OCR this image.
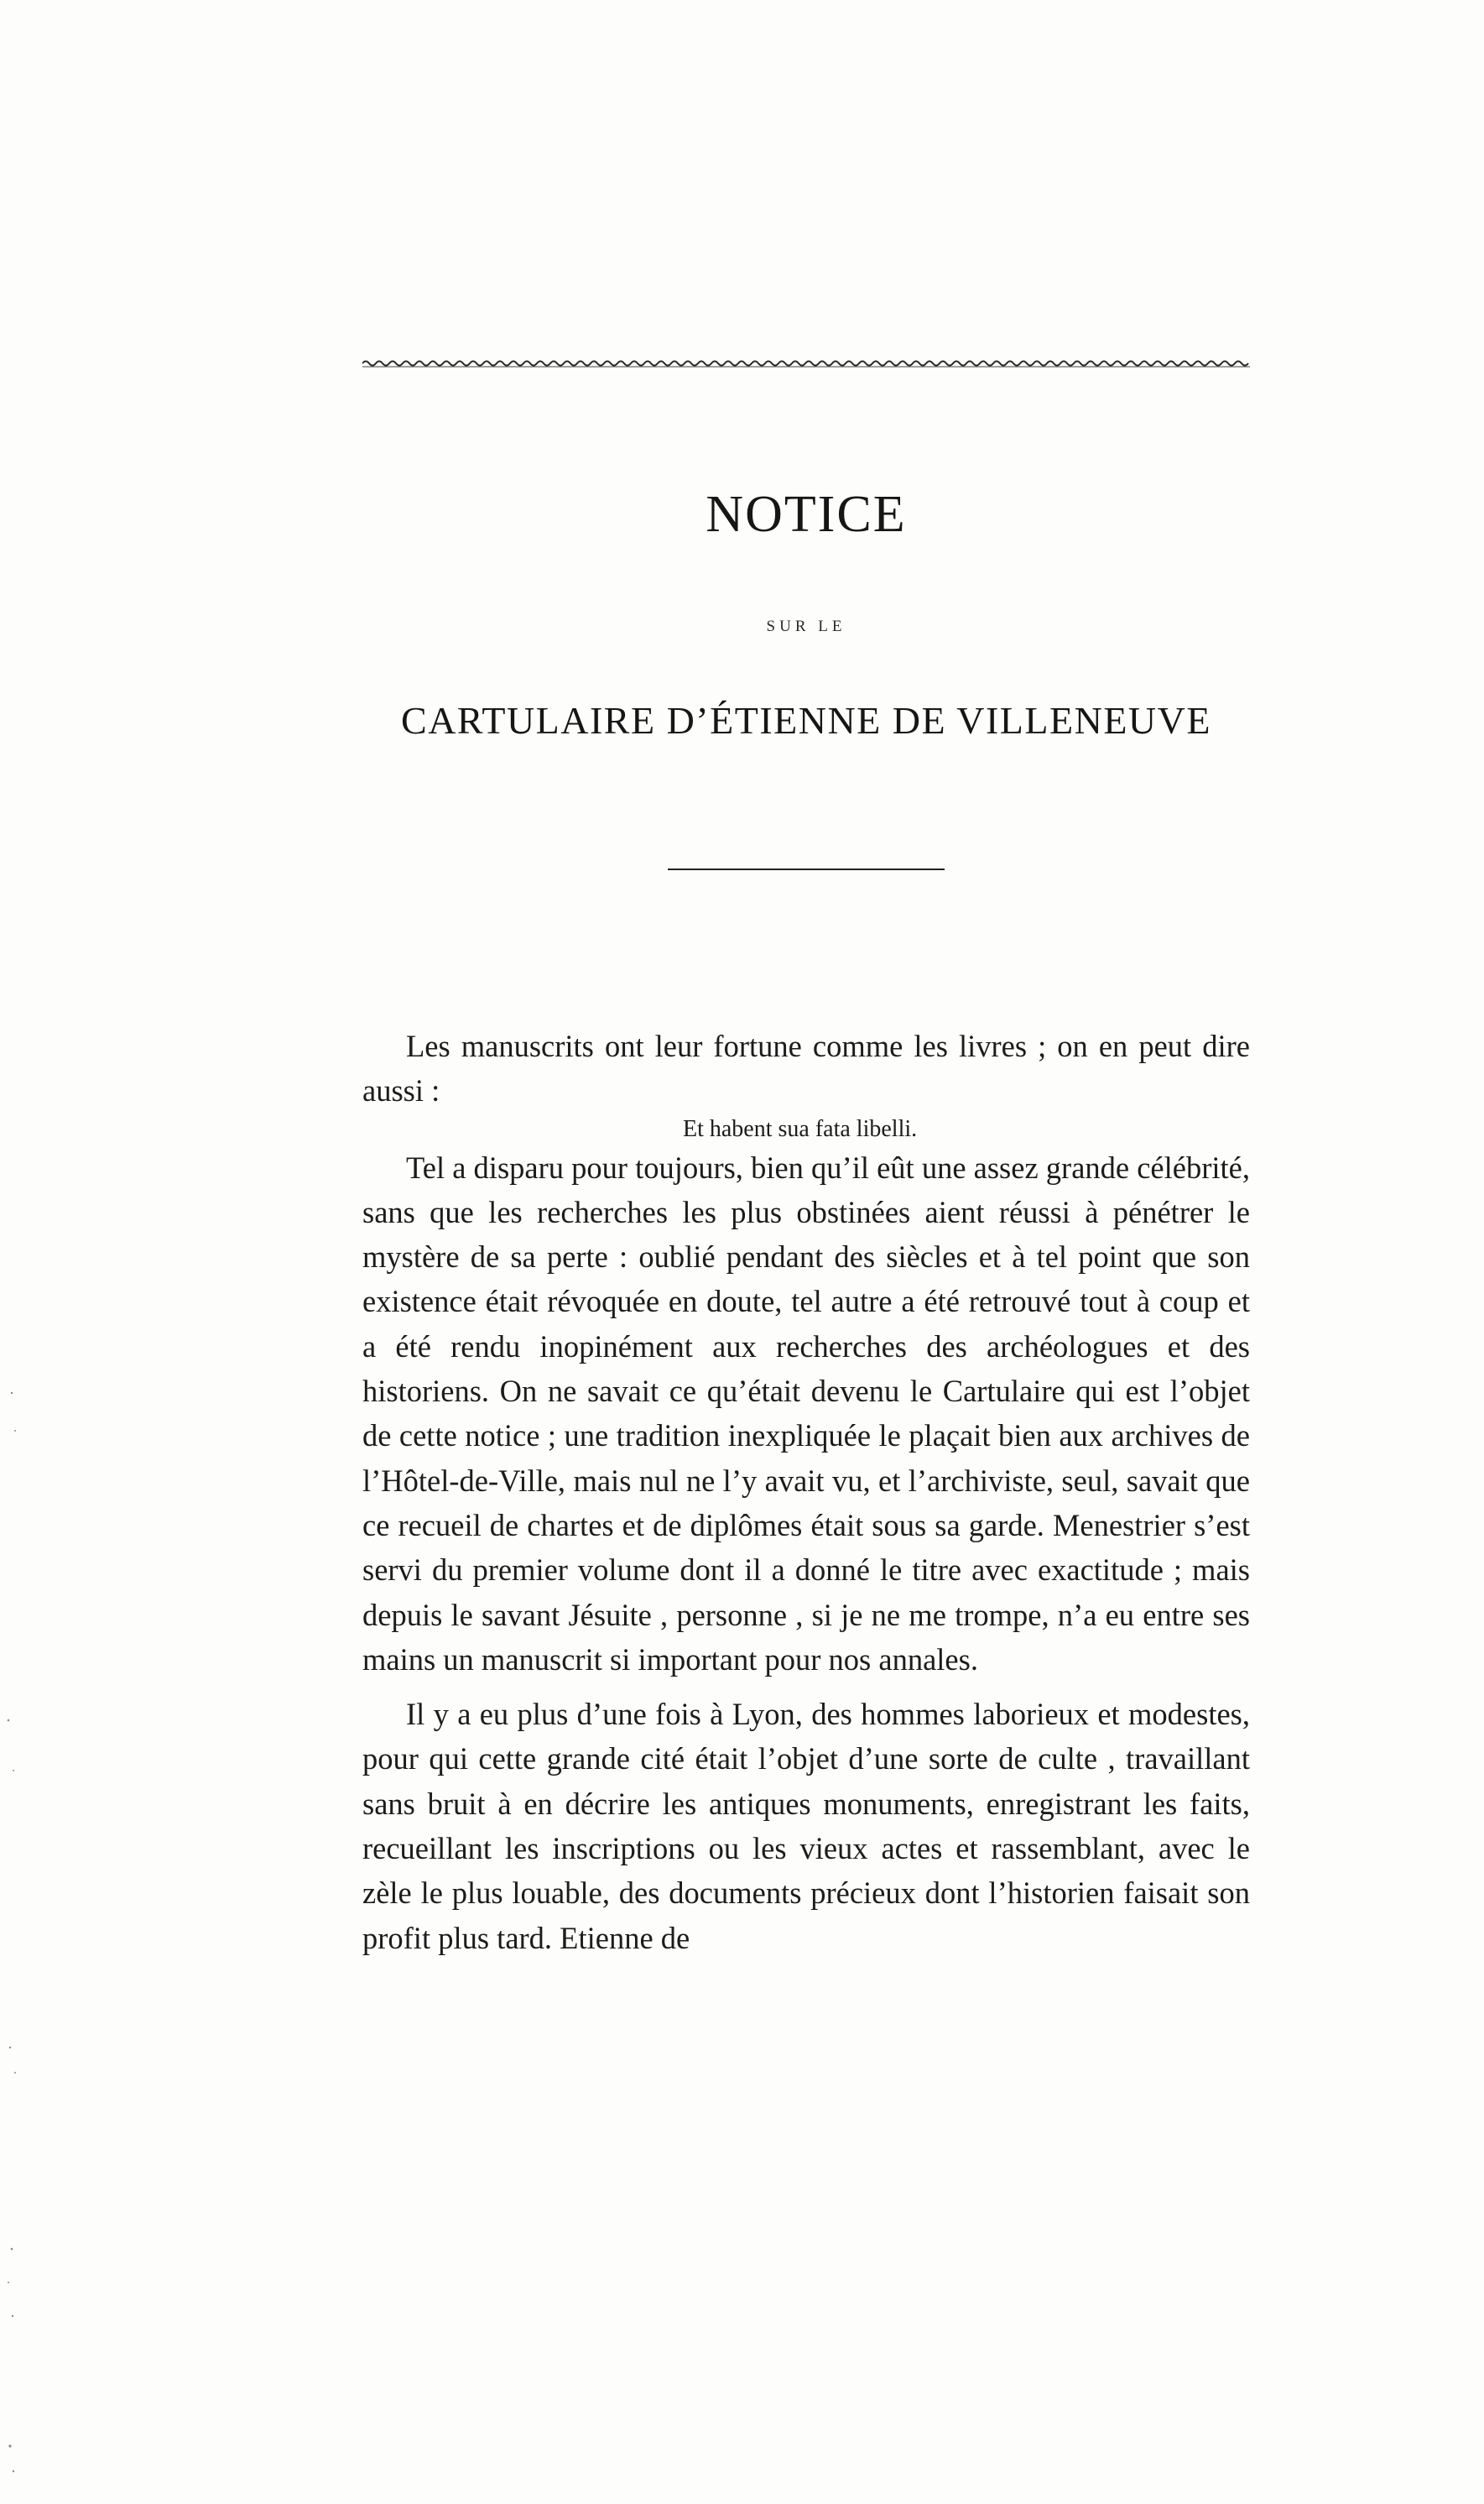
NOTICE
SUR LE
CARTULAIRE D’ÉTIENNE DE VILLENEUVE

Les manuscrits ont leur fortune comme les livres ; on en peut dire aussi :

Et habent sua fata libelli.

Tel a disparu pour toujours, bien qu’il eût une assez grande célébrité, sans que les recherches les plus obstinées aient réussi à pénétrer le mystère de sa perte : oublié pendant des siècles et à tel point que son existence était révoquée en doute, tel autre a été retrouvé tout à coup et a été rendu inopinément aux recherches des archéologues et des historiens. On ne savait ce qu’était devenu le Cartulaire qui est l’objet de cette notice ; une tradition inexpliquée le plaçait bien aux archives de l’Hôtel-de-Ville, mais nul ne l’y avait vu, et l’archiviste, seul, savait que ce recueil de chartes et de diplômes était sous sa garde. Menestrier s’est servi du premier volume dont il a donné le titre avec exactitude ; mais depuis le savant Jésuite , personne , si je ne me trompe, n’a eu entre ses mains un manuscrit si important pour nos annales.

Il y a eu plus d’une fois à Lyon, des hommes laborieux et modestes, pour qui cette grande cité était l’objet d’une sorte de culte , travaillant sans bruit à en décrire les antiques monuments, enregistrant les faits, recueillant les inscriptions ou les vieux actes et rassemblant, avec le zèle le plus louable, des documents précieux dont l’historien faisait son profit plus tard. Etienne de
